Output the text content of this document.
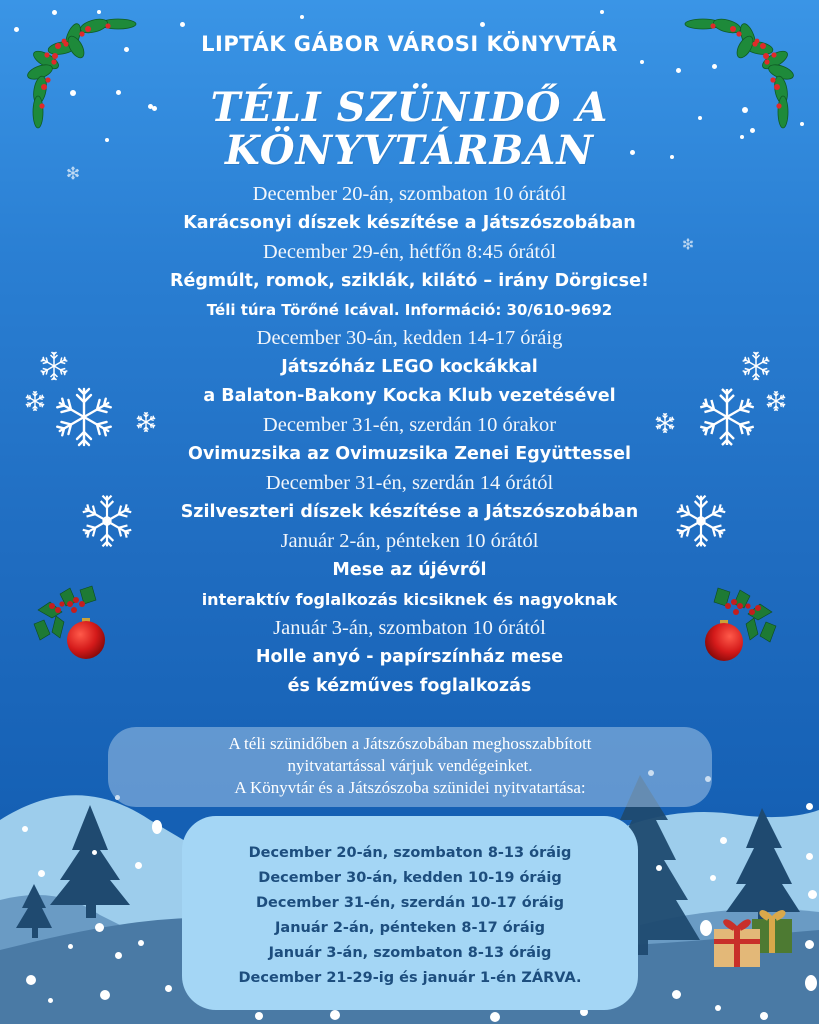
LIPTÁK GÁBOR VÁROSI KÖNYVTÁR
TÉLI SZÜNIDŐ A
KÖNYVTÁRBAN
December 20-án, szombaton 10 órától
Karácsonyi díszek készítése a Játszószobában
December 29-én, hétfőn 8:45 órától
Régmúlt, romok, sziklák, kilátó – irány Dörgicse!
Téli túra Törőné Icával. Információ: 30/610-9692
December 30-án, kedden 14-17 óráig
Játszóház LEGO kockákkal
a Balaton-Bakony Kocka Klub vezetésével
December 31-én, szerdán 10 órakor
Ovimuzsika az Ovimuzsika Zenei Együttessel
December 31-én, szerdán 14 órától
Szilveszteri díszek készítése a Játszószobában
Január 2-án, pénteken 10 órától
Mese az újévről
interaktív foglalkozás kicsiknek és nagyoknak
Január 3-án, szombaton 10 órától
Holle anyó - papírszínház mese
és kézműves foglalkozás
A téli szünidőben a Játszószobában meghosszabbított
nyitvatartással várjuk vendégeinket.
A Könyvtár és a Játszószoba szünidei nyitvatartása:
December 20-án, szombaton 8-13 óráig
December 30-án, kedden 10-19 óráig
December 31-én, szerdán 10-17 óráig
Január 2-án, pénteken 8-17 óráig
Január 3-án, szombaton 8-13 óráig
December 21-29-ig és január 1-én ZÁRVA.
